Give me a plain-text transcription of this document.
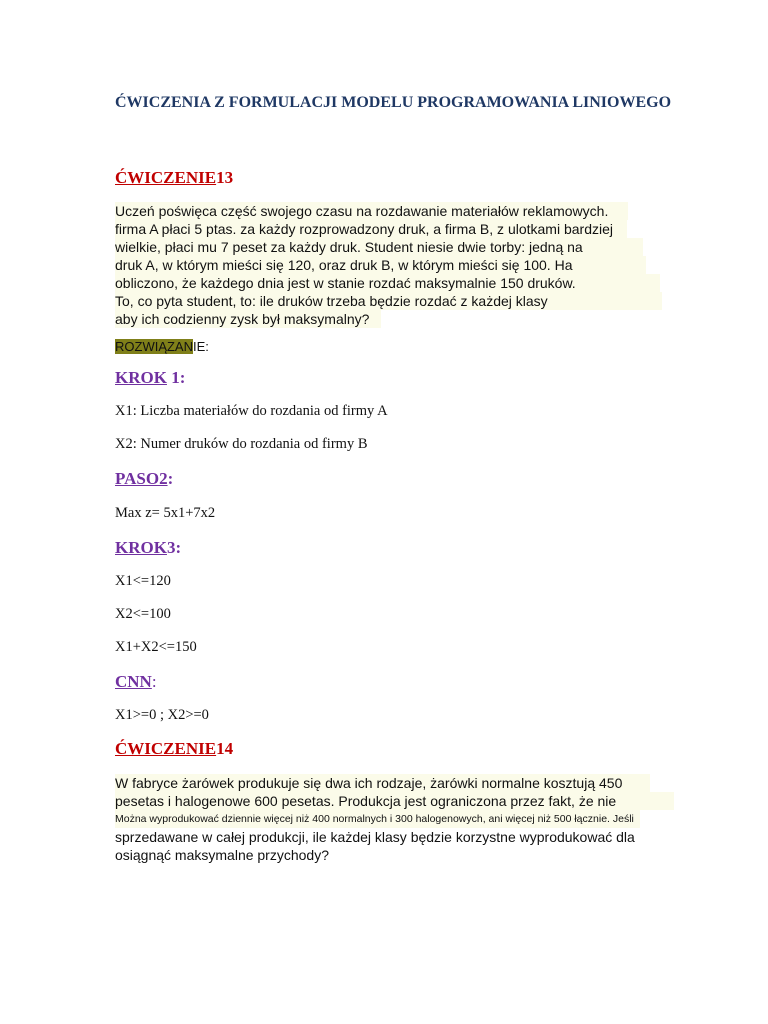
ĆWICZENIA Z FORMULACJI MODELU PROGRAMOWANIA LINIOWEGO
ĆWICZENIE13
Uczeń poświęca część swojego czasu na rozdawanie materiałów reklamowych.
firma A płaci 5 ptas. za każdy rozprowadzony druk, a firma B, z ulotkami bardziej
wielkie, płaci mu 7 peset za każdy druk. Student niesie dwie torby: jedną na
druk A, w którym mieści się 120, oraz druk B, w którym mieści się 100. Ha
obliczono, że każdego dnia jest w stanie rozdać maksymalnie 150 druków.
To, co pyta student, to: ile druków trzeba będzie rozdać z każdej klasy
aby ich codzienny zysk był maksymalny?
ROZWIĄZANIE:
KROK 1:
X1: Liczba materiałów do rozdania od firmy A
X2: Numer druków do rozdania od firmy B
PASO2:
Max z= 5x1+7x2
KROK3:
X1<=120
X2<=100
X1+X2<=150
CNN:
X1>=0 ; X2>=0
ĆWICZENIE14
W fabryce żarówek produkuje się dwa ich rodzaje, żarówki normalne kosztują 450
pesetas i halogenowe 600 pesetas. Produkcja jest ograniczona przez fakt, że nie
Można wyprodukować dziennie więcej niż 400 normalnych i 300 halogenowych, ani więcej niż 500 łącznie. Jeśli
sprzedawane w całej produkcji, ile każdej klasy będzie korzystne wyprodukować dla
osiągnąć maksymalne przychody?
